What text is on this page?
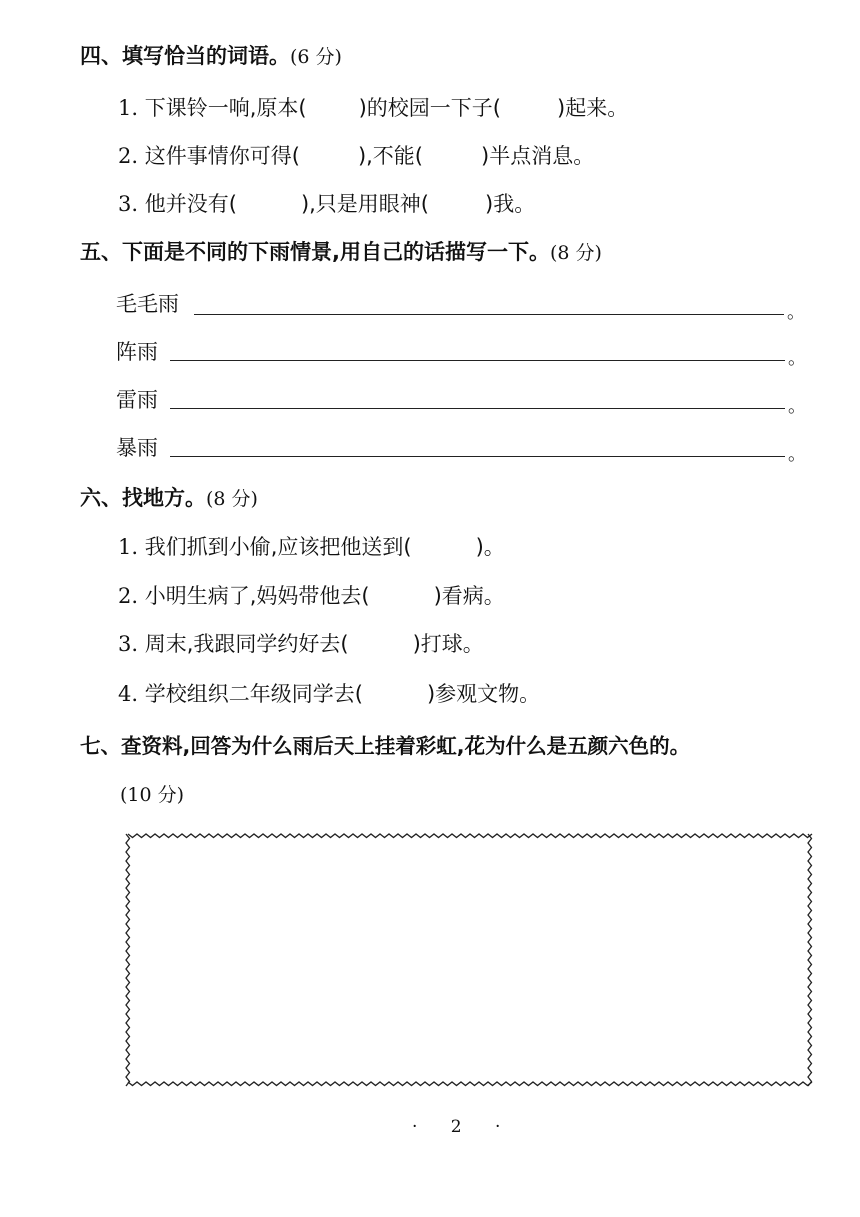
四、填写恰当的词语。(6 分)
1. 下课铃一响,原本( )的校园一下子(	)起来。
2. 这件事情你可得(	),不能(	)半点消息。
3. 他并没有(	),只是用眼神(	)我。
五、下面是不同的下雨情景,用自己的话描写一下。(8 分)
毛毛雨	。
阵雨	。
雷雨	。
暴雨	。
六、找地方。(8 分)
1. 我们抓到小偷,应该把他送到(	)。
2. 小明生病了,妈妈带他去(	)看病。
3. 周末,我跟同学约好去(	)打球。
4. 学校组织二年级同学去(	)参观文物。
七、查资料,回答为什么雨后天上挂着彩虹,花为什么是五颜六色的。
(10 分)
· 2 ·
